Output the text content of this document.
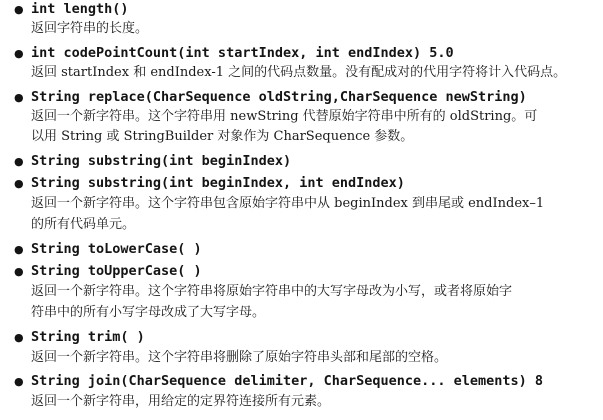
● int length()
返回字符串的长度。
● int codePointCount(int startIndex, int endIndex) 5.0
返回 startIndex 和 endIndex-1 之间的代码点数量。没有配成对的代用字符将计入代码点。
● String replace(CharSequence oldString,CharSequence newString)
返回一个新字符串。这个字符串用 newString 代替原始字符串中所有的 oldString。可
以用 String 或 StringBuilder 对象作为 CharSequence 参数。
● String substring(int beginIndex)
● String substring(int beginIndex, int endIndex)
返回一个新字符串。这个字符串包含原始字符串中从 beginIndex 到串尾或 endIndex–1
的所有代码单元。
● String toLowerCase( )
● String toUpperCase( )
返回一个新字符串。这个字符串将原始字符串中的大写字母改为小写，或者将原始字
符串中的所有小写字母改成了大写字母。
● String trim( )
返回一个新字符串。这个字符串将删除了原始字符串头部和尾部的空格。
● String join(CharSequence delimiter, CharSequence... elements) 8
返回一个新字符串，用给定的定界符连接所有元素。
